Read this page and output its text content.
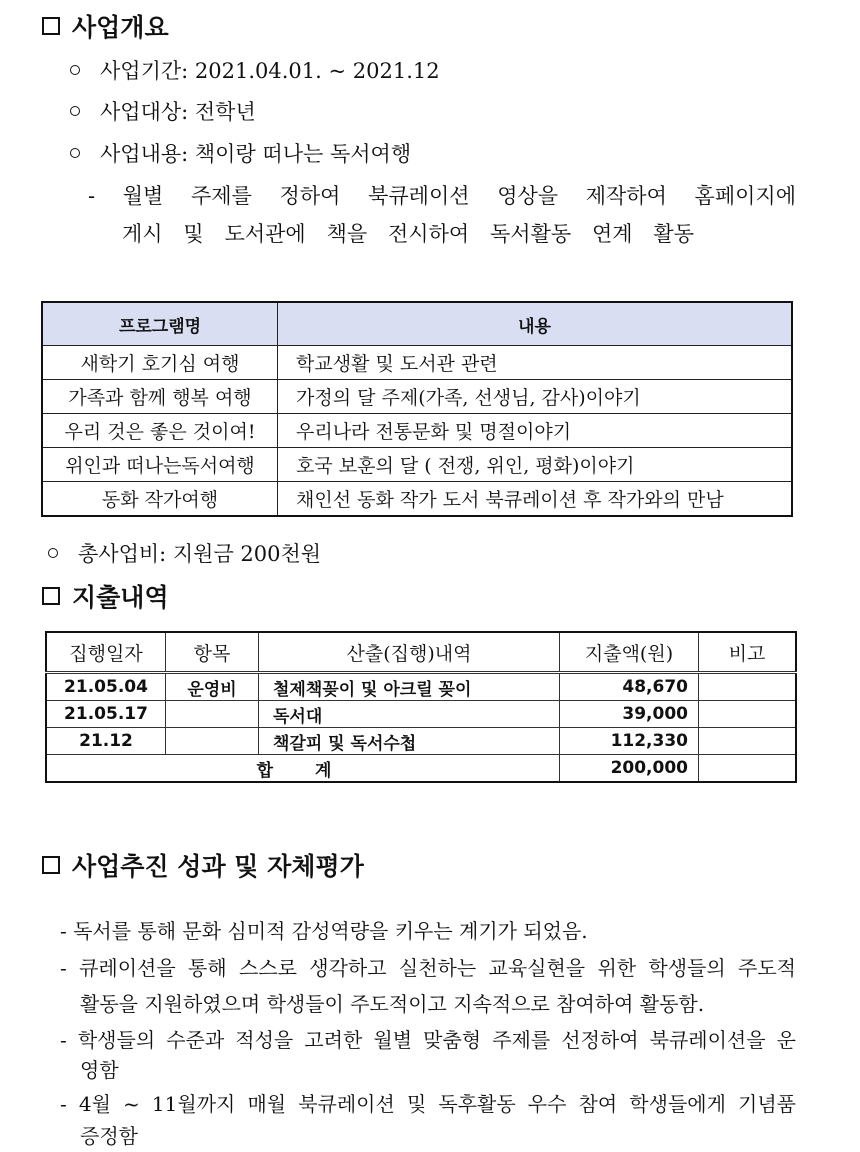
사업개요
사업기간: 2021.04.01. ~ 2021.12
사업대상: 전학년
사업내용: 책이랑 떠나는 독서여행
- 월별 주제를 정하여 북큐레이션 영상을 제작하여 홈페이지에
게시 및 도서관에 책을 전시하여 독서활동 연계 활동
프로그램명	내용
새학기 호기심 여행	학교생활 및 도서관 관련
가족과 함께 행복 여행	가정의 달 주제(가족, 선생님, 감사)이야기
우리 것은 좋은 것이여!	우리나라 전통문화 및 명절이야기
위인과 떠나는독서여행	호국 보훈의 달 ( 전쟁, 위인, 평화)이야기
동화 작가여행	채인선 동화 작가 도서 북큐레이션 후 작가와의 만남
총사업비: 지원금 200천원
지출내역
집행일자	항목	산출(집행)내역	지출액(원)	비고
21.05.04	운영비	철제책꽂이 및 아크릴 꽂이	48,670	
21.05.17		독서대	39,000	
21.12		책갈피 및 독서수첩	112,330	
합 계			200,000	
사업추진 성과 및 자체평가
- 독서를 통해 문화 심미적 감성역량을 키우는 계기가 되었음.
- 큐레이션을 통해 스스로 생각하고 실천하는 교육실현을 위한 학생들의 주도적
활동을 지원하였으며 학생들이 주도적이고 지속적으로 참여하여 활동함.
- 학생들의 수준과 적성을 고려한 월별 맞춤형 주제를 선정하여 북큐레이션을 운
영함
- 4월 ~ 11월까지 매월 북큐레이션 및 독후활동 우수 참여 학생들에게 기념품
증정함
